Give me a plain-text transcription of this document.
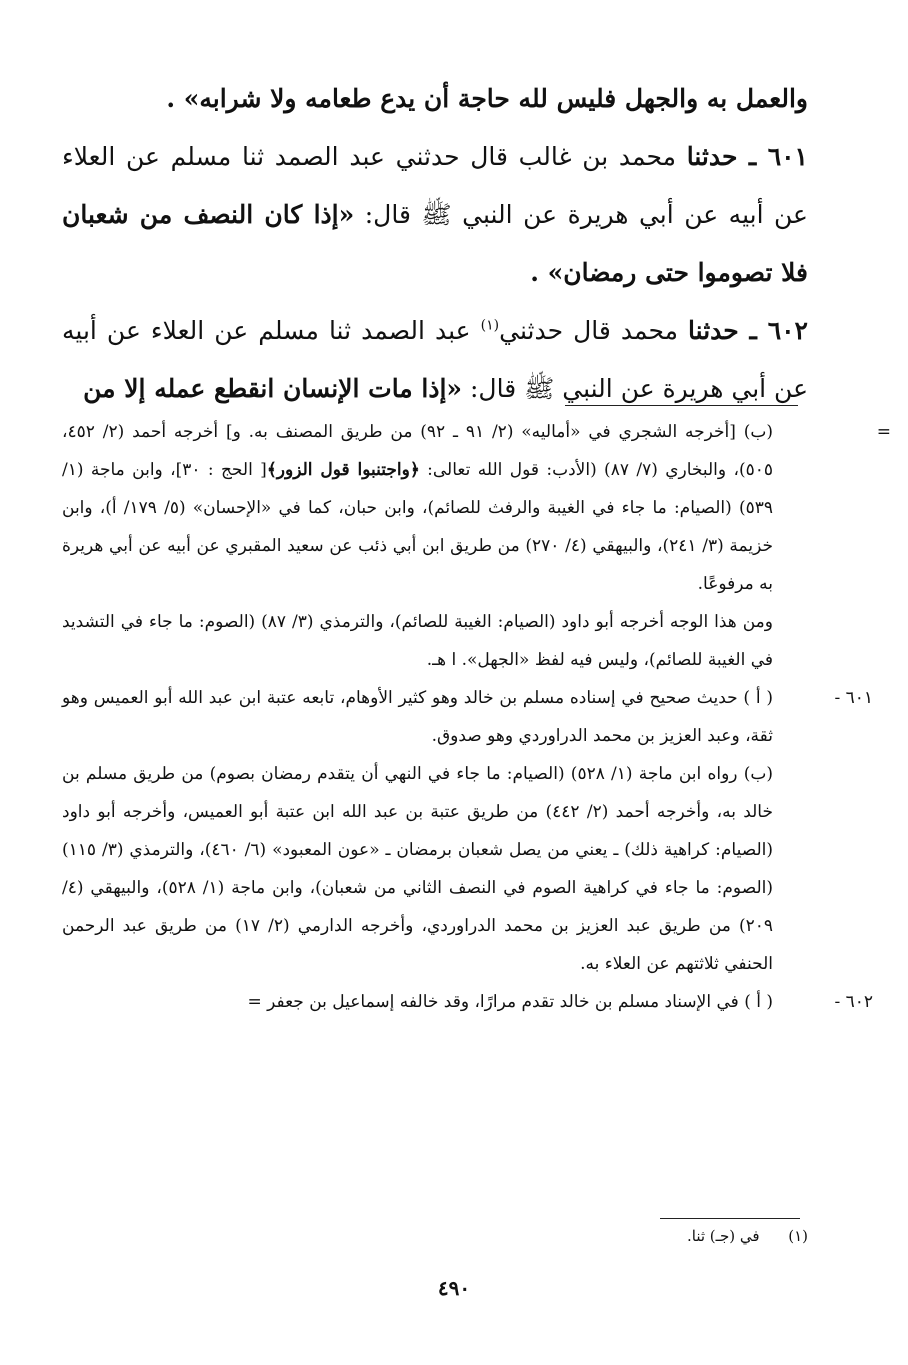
والعمل به والجهل فليس لله حاجة أن يدع طعامه ولا شرابه» .

٦٠١ ـ حدثنا محمد بن غالب قال حدثني عبد الصمد ثنا مسلم عن العلاء عن أبيه عن أبي هريرة عن النبي ﷺ قال: «إذا كان النصف من شعبان فلا تصوموا حتى رمضان» .

٦٠٢ ـ حدثنا محمد قال حدثني$^{(١)}$ عبد الصمد ثنا مسلم عن العلاء عن أبيه عن أبي هريرة عن النبي ﷺ قال: «إذا مات الإنسان انقطع عمله إلا من

=
(ب) [أخرجه الشجري في «أماليه» (٢/ ٩١ ـ ٩٢) من طريق المصنف به. و] أخرجه أحمد (٢/ ٤٥٢، ٥٠٥)، والبخاري (٧/ ٨٧) (الأدب: قول الله تعالى: ﴿واجتنبوا قول الزور﴾[ الحج : ٣٠]، وابن ماجة (١/ ٥٣٩) (الصيام: ما جاء في الغيبة والرفث للصائم)، وابن حبان، كما في «الإحسان» (٥/ ١٧٩/ أ)، وابن خزيمة (٣/ ٢٤١)، والبيهقي (٤/ ٢٧٠) من طريق ابن أبي ذئب عن سعيد المقبري عن أبيه عن أبي هريرة به مرفوعًا.
ومن هذا الوجه أخرجه أبو داود (الصيام: الغيبة للصائم)، والترمذي (٣/ ٨٧) (الصوم: ما جاء في التشديد في الغيبة للصائم)، وليس فيه لفظ «الجهل». ا هـ.
٦٠١ -
( أ ) حديث صحيح في إسناده مسلم بن خالد وهو كثير الأوهام، تابعه عتبة ابن عبد الله أبو العميس وهو ثقة، وعبد العزيز بن محمد الدراوردي وهو صدوق.
(ب) رواه ابن ماجة (١/ ٥٢٨) (الصيام: ما جاء في النهي أن يتقدم رمضان بصوم) من طريق مسلم بن خالد به، وأخرجه أحمد (٢/ ٤٤٢) من طريق عتبة بن عبد الله ابن عتبة أبو العميس، وأخرجه أبو داود (الصيام: كراهية ذلك) ـ يعني من يصل شعبان برمضان ـ «عون المعبود» (٦/ ٤٦٠)، والترمذي (٣/ ١١٥) (الصوم: ما جاء في كراهية الصوم في النصف الثاني من شعبان)، وابن ماجة (١/ ٥٢٨)، والبيهقي (٤/ ٢٠٩) من طريق عبد العزيز بن محمد الدراوردي، وأخرجه الدارمي (٢/ ١٧) من طريق عبد الرحمن الحنفي ثلاثتهم عن العلاء به.
٦٠٢ -
( أ ) في الإسناد مسلم بن خالد تقدم مرارًا، وقد خالفه إسماعيل بن جعفر =
(١)      في (جـ) ثنا.
٤٩٠
